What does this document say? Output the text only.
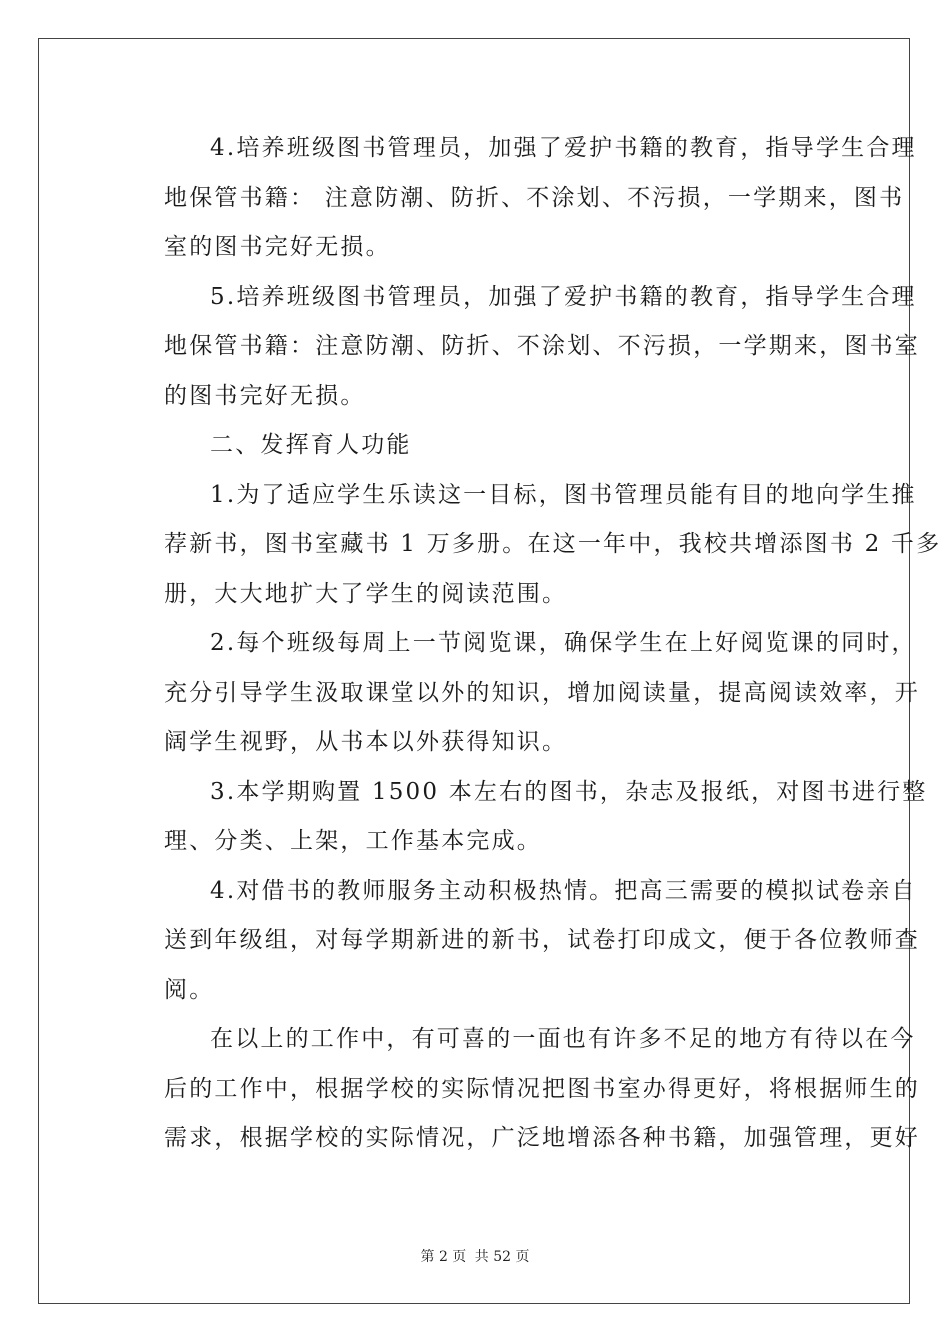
4.培养班级图书管理员，加强了爱护书籍的教育，指导学生合理
地保管书籍： 注意防潮、防折、不涂划、不污损，一学期来，图书
室的图书完好无损。
5.培养班级图书管理员，加强了爱护书籍的教育，指导学生合理
地保管书籍：注意防潮、防折、不涂划、不污损，一学期来，图书室
的图书完好无损。
二、发挥育人功能
1.为了适应学生乐读这一目标，图书管理员能有目的地向学生推
荐新书，图书室藏书 1 万多册。在这一年中，我校共增添图书 2 千多
册，大大地扩大了学生的阅读范围。
2.每个班级每周上一节阅览课，确保学生在上好阅览课的同时，
充分引导学生汲取课堂以外的知识，增加阅读量，提高阅读效率，开
阔学生视野，从书本以外获得知识。
3.本学期购置 1500 本左右的图书，杂志及报纸，对图书进行整
理、分类、上架，工作基本完成。
4.对借书的教师服务主动积极热情。把高三需要的模拟试卷亲自
送到年级组，对每学期新进的新书，试卷打印成文，便于各位教师查
阅。
在以上的工作中，有可喜的一面也有许多不足的地方有待以在今
后的工作中，根据学校的实际情况把图书室办得更好，将根据师生的
需求，根据学校的实际情况，广泛地增添各种书籍，加强管理，更好
第 2 页 共 52 页
